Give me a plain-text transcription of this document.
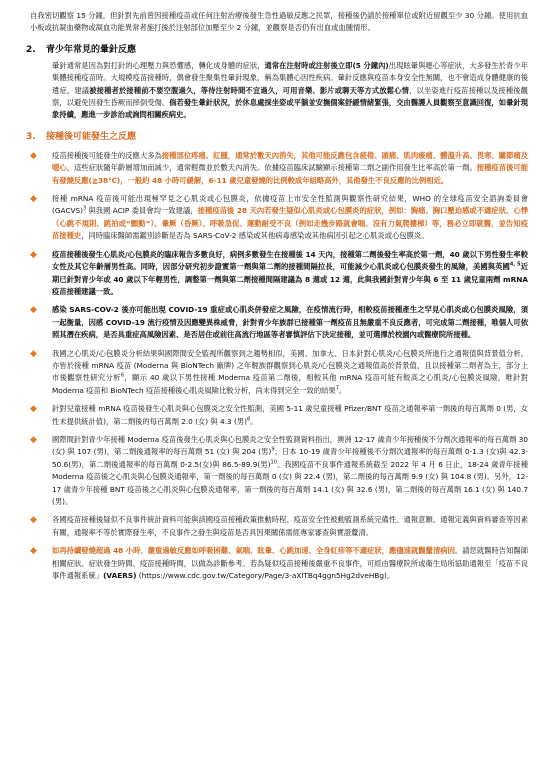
自我密切觀察 15 分鐘，但針對先前曾因接種疫苗或任何注射治療後發生急性過敏反應之民眾，接種後仍請於接種單位或附近留觀至少 30 分鐘。使用抗血小板或抗凝血藥物或凝血功能異常者施打後於注射部位加壓至少 2 分鐘，並觀察是否仍有出血或血腫情形。

2.	青少年常見的暈針反應

暈針通常是因為對打針的心理壓力與恐懼感，轉化成身體的症狀，通常在注射時或注射後立即(5 分鐘內)出現眩暈與噁心等症狀，大多發生於青少年集體接種疫苗時。大規模疫苗接種時，偶會發生聚集性暈針現象，稱為集體心因性疾病。暈針反應與疫苗本身安全性無關，也不會造成身體健康的後遺症，建議被接種者於接種前不要空腹過久，等待注射時間不宜過久，可用音樂、影片或聊天等方式放鬆心情，以坐姿進行疫苗接種以及接種後觀察，以避免因發生昏厥而摔倒受傷。倘若發生暈針狀況，於休息處採坐姿或平躺並安撫個案舒緩情緒緊張，交由醫護人員觀察至意識回復，如暈針現象持續，應進一步診治或詢問相關疾病史。

3.	接種後可能發生之反應
◆	疫苗接種後可能發生的反應大多為接種部位疼痛、紅腫，通常於數天內消失，其他可能反應包含疲倦、頭痛、肌肉痠痛、體溫升高、畏寒、關節痛及噁心，這些症狀隨年齡層增加而減少，通常輕微並於數天內消失。依據疫苗臨床試驗顯示接種第二劑之副作用發生比率高於第一劑。接種疫苗後可能有發燒反應(≧38℃)，一般約 48 小時可緩解，6-11 歲兒童發燒的比例較成年組略高外，其他發生不良反應的比例相近。

◆	接種 mRNA 疫苗後可能出現極罕見之心肌炎或心包膜炎，依據疫苗上市安全性監測與觀察性研究結果，WHO 的全球疫苗安全諮詢委員會(GACVS)$^3$ 與我國 ACIP 委員會均一致建議，接種疫苗後 28 天內若發生疑似心肌炎或心包膜炎的症狀，例如：胸痛、胸口壓迫感或不適症狀、心悸（心跳不規則、跳拍或“顫動”）、暈厥（昏厥）、呼吸急促、運動耐受不良（例如走幾步路就會喘、沒有力氣爬樓梯）等，務必立即就醫，並告知疫苗接種史，同時臨床醫師需鑑別診斷是否為 SARS-CoV-2 感染或其他病毒感染或其他病因引起之心肌炎或心包膜炎。

◆	疫苗接種後發生心肌炎/心包膜炎的臨床報告多數良好，病例多數發生在接種後 14 天內，接種第二劑後發生率高於第一劑，40 歲以下男性發生率較女性及其它年齡層男性高。同時，因部分研究初步證實第一劑與第二劑的接種間隔拉長，可能減少心肌炎或心包膜炎發生的風險，美國與英國$^{4, 5}$近期已針對青少年或 40 歲以下年輕男性，調整第一劑與第二劑接種間隔建議為 8 週或 12 週，此與我國針對青少年與 6 至 11 歲兒童兩劑 mRNA 疫苗接種建議一致。

◆	感染 SARS-COV-2 後亦可能出現 COVID-19 重症或心肌炎併發症之風險，在疫情流行時，相較疫苗接種產生之罕見心肌炎或心包膜炎風險，須一起衡量，因感 COVID-19 流行疫情及因應變異株威脅，針對青少年族群已接種第一劑疫苗且無嚴重不良反應者，可完成第二劑接種，唯個人可依照其潛在疾病，是否具重症高風險因素、是否居住或前往高流行地區等者審慎評估下決定接種，並可選擇於校園內或醫療院所接種。

◆	我國之心肌炎/心包膜炎分析結果與國際間安全監視所觀察到之趨勢相似，美國、加拿大、日本針對心肌炎/心包膜炎所進行之通報值與背景值分析，亦皆於接種 mRNA 疫苗 (Moderna 與 BioNTech 廠牌) 之年輕族群觀察到心肌炎/心包膜炎之通報值高於背景值，且以接種第二劑者為主，部分上市後觀察性研究分析$^6$，顯示 40 歲以下男性接種 Moderna 疫苗第二劑後，相較其他 mRNA 疫苗可能有較高之心肌炎/心包膜炎風險，唯針對 Moderna 疫苗和 BioNTech 疫苗接種後心肌炎風險比較分析，尚未得到完全一致的結果$^7$。

◆	針對兒童接種 mRNA 疫苗後發生心肌炎與心包膜炎之安全性監測，美國 5-11 歲兒童接種 Pfizer/BNT 疫苗之通報率第一劑後的每百萬劑 0 (男，女性未提供統計值)，第二劑後的每百萬劑 2.0 (女) 與 4.3 (男)$^8$。

◆	國際間針對青少年接種 Moderna 疫苗後發生心肌炎與心包膜炎之安全性監測資料指出，澳洲 12-17 歲青少年接種後不分劑次通報率的每百萬劑 30 (女) 與 107 (男)，第二劑後通報率的每百萬劑 51 (女) 與 204 (男)$^9$；日本 10-19 歲青少年接種後不分劑次通報率的每百萬劑 0-1.3 (女)與 42.3-50.6(男)，第二劑後通報率的每百萬劑 0-2.5(女)與 86.5-89.9(男)$^{10}$。我國疫苗不良事件通報系統截至 2022 年 4 月 6 日止，18-24 歲青年接種 Moderna 疫苗後之心肌炎與心包膜炎通報率，第一劑後的每百萬劑 0 (女) 與 22.4 (男)，第二劑後的每百萬劑 9.9 (女) 與 104.8 (男)。另外，12-17 歲青少年接種 BNT 疫苗後之心肌炎與心包膜炎通報率，第一劑後的每百萬劑 14.1 (女) 與 32.6 (男)，第二劑後的每百萬劑 16.1 (女) 與 140.7 (男)。

◆	各國疫苗接種後疑似不良事件統計資料可能與該國疫苗接種政策推動時程、疫苗安全性被動監測系統完備性、通報意願、通報定義與資料審查等因素有關，通報率不等於實際發生率，不良事件之發生與疫苗是否具因果關係需經專家審查與實證釐清。

◆	如再持續發燒超過 48 小時、嚴重過敏反應如呼吸困難、氣喘、眩暈、心跳加速、全身紅疹等不適症狀，應儘速就醫釐清病因。請您就醫時告知醫師相關症狀、症狀發生時間、疫苗接種時間，以做為診斷參考。若為疑似疫苗接種後嚴重不良事件，可經由醫療院所或衛生局所協助通報至「疫苗不良事件通報系統」(VAERS) (https://www.cdc.gov.tw/Category/Page/3-aXlTBq4ggn5Hg2dveHBg)。
